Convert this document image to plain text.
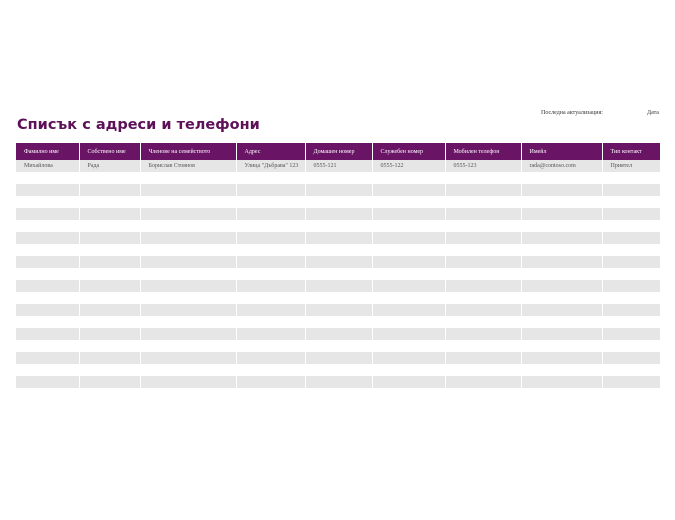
Последна актуализация:	Дата
Списък с адреси и телефони
Фамилно име	Собствено име	Членове на семейството	Адрес	Домашен номер	Служебен номер	Мобилен телефон	Имейл	Тип контакт
Михайлова	Рада	Борислав Стоянов	Улица "Дъбрава" 123	0555-121	0555-122	0555-123	rada@contoso.com	Приятел
